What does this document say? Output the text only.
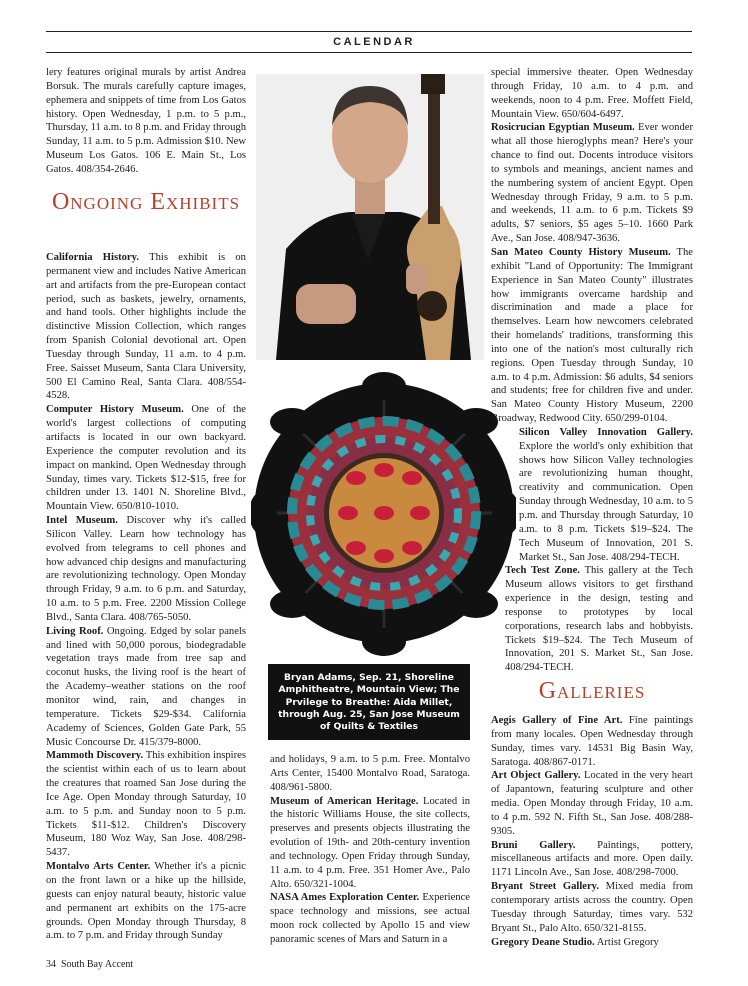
CALENDAR

lery features original murals by artist Andrea Borsuk. The murals carefully capture images, ephemera and snippets of time from Los Gatos history. Open Wednesday, 1 p.m. to 5 p.m., Thursday, 11 a.m. to 8 p.m. and Friday through Sunday, 11 a.m. to 5 p.m. Admission $10. New Museum Los Gatos. 106 E. Main St., Los Gatos. 408/354-2646.

Ongoing Exhibits

California History. This exhibit is on permanent view and includes Native American art and artifacts from the pre-European contact period, such as baskets, jewelry, ornaments, and hand tools. Other highlights include the distinctive Mission Collection, which ranges from Spanish Colonial devotional art. Open Tuesday through Sunday, 11 a.m. to 4 p.m. Free. Saisset Museum, Santa Clara University, 500 El Camino Real, Santa Clara. 408/554-4528.

Computer History Museum. One of the world's largest collections of computing artifacts is located in our own backyard. Experience the computer revolution and its impact on mankind. Open Wednesday through Sunday, times vary. Tickets $12-$15, free for children under 13. 1401 N. Shoreline Blvd., Mountain View. 650/810-1010.

Intel Museum. Discover why it's called Silicon Valley. Learn how technology has evolved from telegrams to cell phones and how advanced chip designs and manufacturing are revolutionizing technology. Open Monday through Friday, 9 a.m. to 6 p.m. and Saturday, 10 a.m. to 5 p.m. Free. 2200 Mission College Blvd., Santa Clara. 408/765-5050.

Living Roof. Ongoing. Edged by solar panels and lined with 50,000 porous, biodegradable vegetation trays made from tree sap and coconut husks, the living roof is the heart of the Academy–weather stations on the roof monitor wind, rain, and changes in temperature. Tickets $29-$34. California Academy of Sciences, Golden Gate Park, 55 Music Concourse Dr. 415/379-8000.

Mammoth Discovery. This exhibition inspires the scientist within each of us to learn about the creatures that roamed San Jose during the Ice Age. Open Monday through Saturday, 10 a.m. to 5 p.m. and Sunday noon to 5 p.m. Tickets $11-$12. Children's Discovery Museum, 180 Woz Way, San Jose. 408/298-5437.

Montalvo Arts Center. Whether it's a picnic on the front lawn or a hike up the hillside, guests can enjoy natural beauty, historic value and permanent art exhibits on the 175-acre grounds. Open Monday through Thursday, 8 a.m. to 7 p.m. and Friday through Sunday

Bryan Adams, Sep. 21, Shoreline Amphitheatre, Mountain View; The Prvilege to Breathe: Aida Millet, through Aug. 25, San Jose Museum of Quilts & Textiles

and holidays, 9 a.m. to 5 p.m. Free. Montalvo Arts Center, 15400 Montalvo Road, Saratoga. 408/961-5800.

Museum of American Heritage. Located in the historic Williams House, the site collects, preserves and presents objects illustrating the evolution of 19th- and 20th-century invention and technology. Open Friday through Sunday, 11 a.m. to 4 p.m. Free. 351 Homer Ave., Palo Alto. 650/321-1004.

NASA Ames Exploration Center. Experience space technology and missions, see actual moon rock collected by Apollo 15 and view panoramic scenes of Mars and Saturn in a

special immersive theater. Open Wednesday through Friday, 10 a.m. to 4 p.m. and weekends, noon to 4 p.m. Free. Moffett Field, Mountain View. 650/604-6497.

Rosicrucian Egyptian Museum. Ever wonder what all those hieroglyphs mean? Here's your chance to find out. Docents introduce visitors to symbols and meanings, ancient names and the numbering system of ancient Egypt. Open Wednesday through Friday, 9 a.m. to 5 p.m. and weekends, 11 a.m. to 6 p.m. Tickets $9 adults, $7 seniors, $5 ages 5–10. 1660 Park Ave., San Jose. 408/947-3636.

San Mateo County History Museum. The exhibit "Land of Opportunity: The Immigrant Experience in San Mateo County" illustrates how immigrants overcame hardship and discrimination and made a place for themselves. Learn how newcomers celebrated their homelands' traditions, transforming this into one of the nation's most culturally rich regions. Open Tuesday through Sunday, 10 a.m. to 4 p.m. Admission: $6 adults, $4 seniors and students; free for children five and under. San Mateo County History Museum, 2200 Broadway, Redwood City. 650/299-0104.

Silicon Valley Innovation Gallery. Explore the world's only exhibition that shows how Silicon Valley technologies are revolutionizing human thought, creativity and communication. Open Sunday through Wednesday, 10 a.m. to 5 p.m. and Thursday through Saturday, 10 a.m. to 8 p.m. Tickets $19–$24. The Tech Museum of Innovation, 201 S. Market St., San Jose. 408/294-TECH.

Tech Test Zone. This gallery at the Tech Museum allows visitors to get firsthand experience in the design, testing and response to prototypes by local corporations, research labs and hobbyists. Tickets $19–$24. The Tech Museum of Innovation, 201 S. Market St., San Jose. 408/294-TECH.

Galleries

Aegis Gallery of Fine Art. Fine paintings from many locales. Open Wednesday through Sunday, times vary. 14531 Big Basin Way, Saratoga. 408/867-0171.

Art Object Gallery. Located in the very heart of Japantown, featuring sculpture and other media. Open Monday through Friday, 10 a.m. to 4 p.m. 592 N. Fifth St., San Jose. 408/288-9305.

Bruni Gallery. Paintings, pottery, miscellaneous artifacts and more. Open daily. 1171 Lincoln Ave., San Jose. 408/298-7000.

Bryant Street Gallery. Mixed media from contemporary artists across the country. Open Tuesday through Saturday, times vary. 532 Bryant St., Palo Alto. 650/321-8155.

Gregory Deane Studio. Artist Gregory

34 South Bay Accent
